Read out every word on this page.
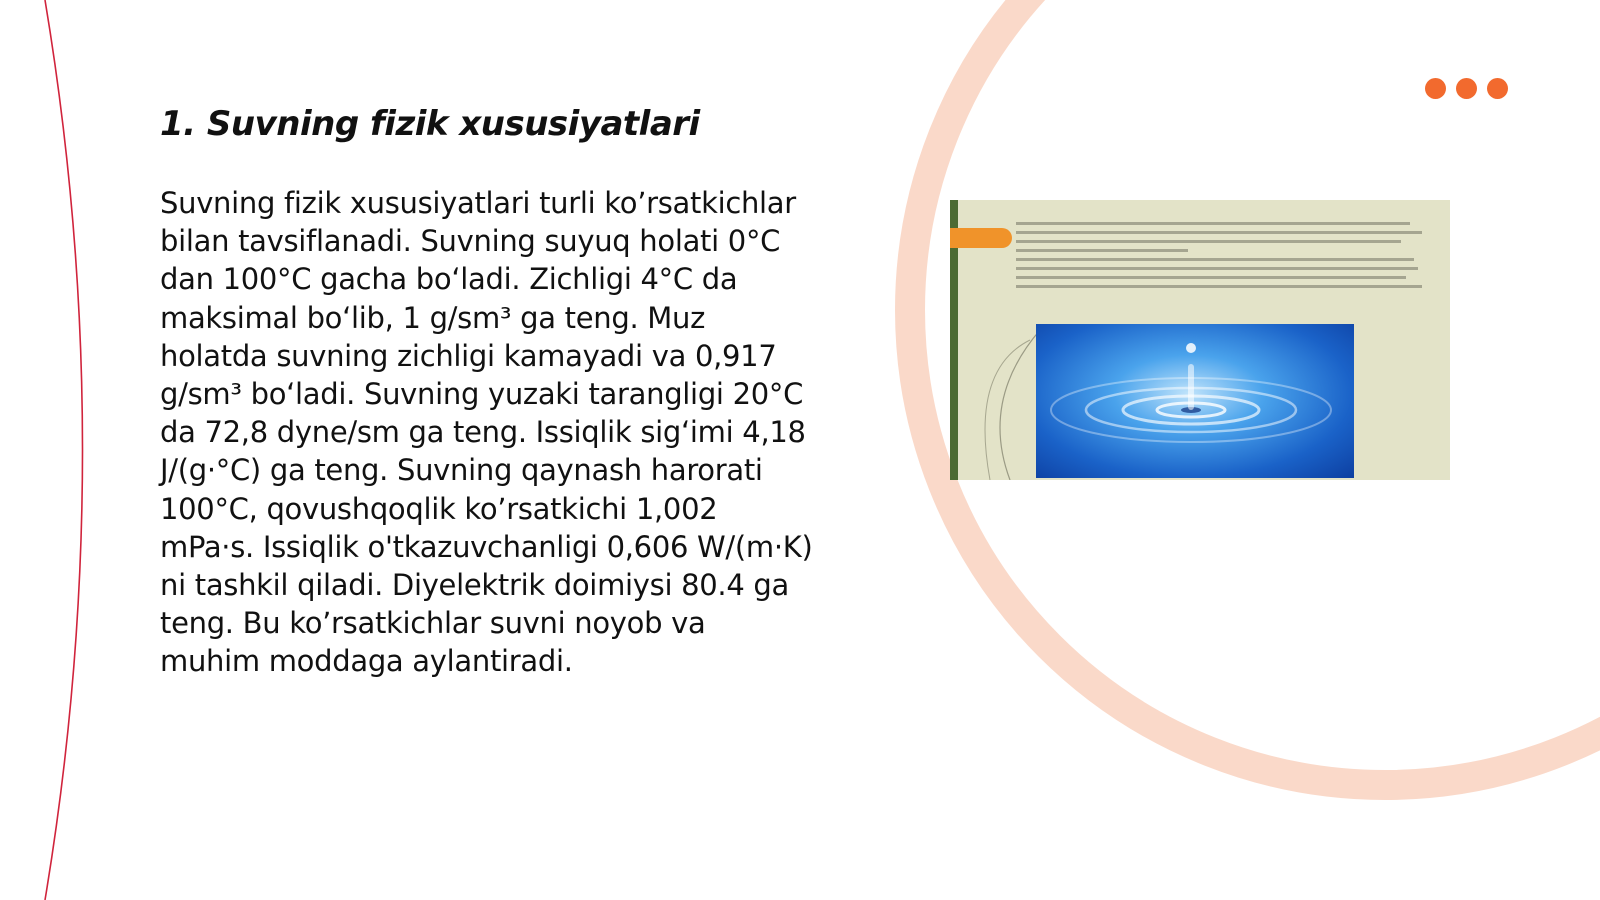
1. Suvning fizik xususiyatlari

Suvning fizik xususiyatlari turli ko’rsatkichlar
bilan tavsiflanadi. Suvning suyuq holati 0°C
dan 100°C gacha bo‘ladi. Zichligi 4°C da
maksimal bo‘lib, 1 g/sm³ ga teng. Muz
holatda suvning zichligi kamayadi va 0,917
g/sm³ bo‘ladi. Suvning yuzaki tarangligi 20°C
da 72,8 dyne/sm ga teng. Issiqlik sig‘imi 4,18
J/(g·°C) ga teng. Suvning qaynash harorati
100°C, qovushqoqlik ko’rsatkichi 1,002
mPa·s. Issiqlik o'tkazuvchanligi 0,606 W/(m·K)
ni tashkil qiladi. Diyelektrik doimiysi 80.4 ga
teng. Bu ko’rsatkichlar suvni noyob va
muhim moddaga aylantiradi.
